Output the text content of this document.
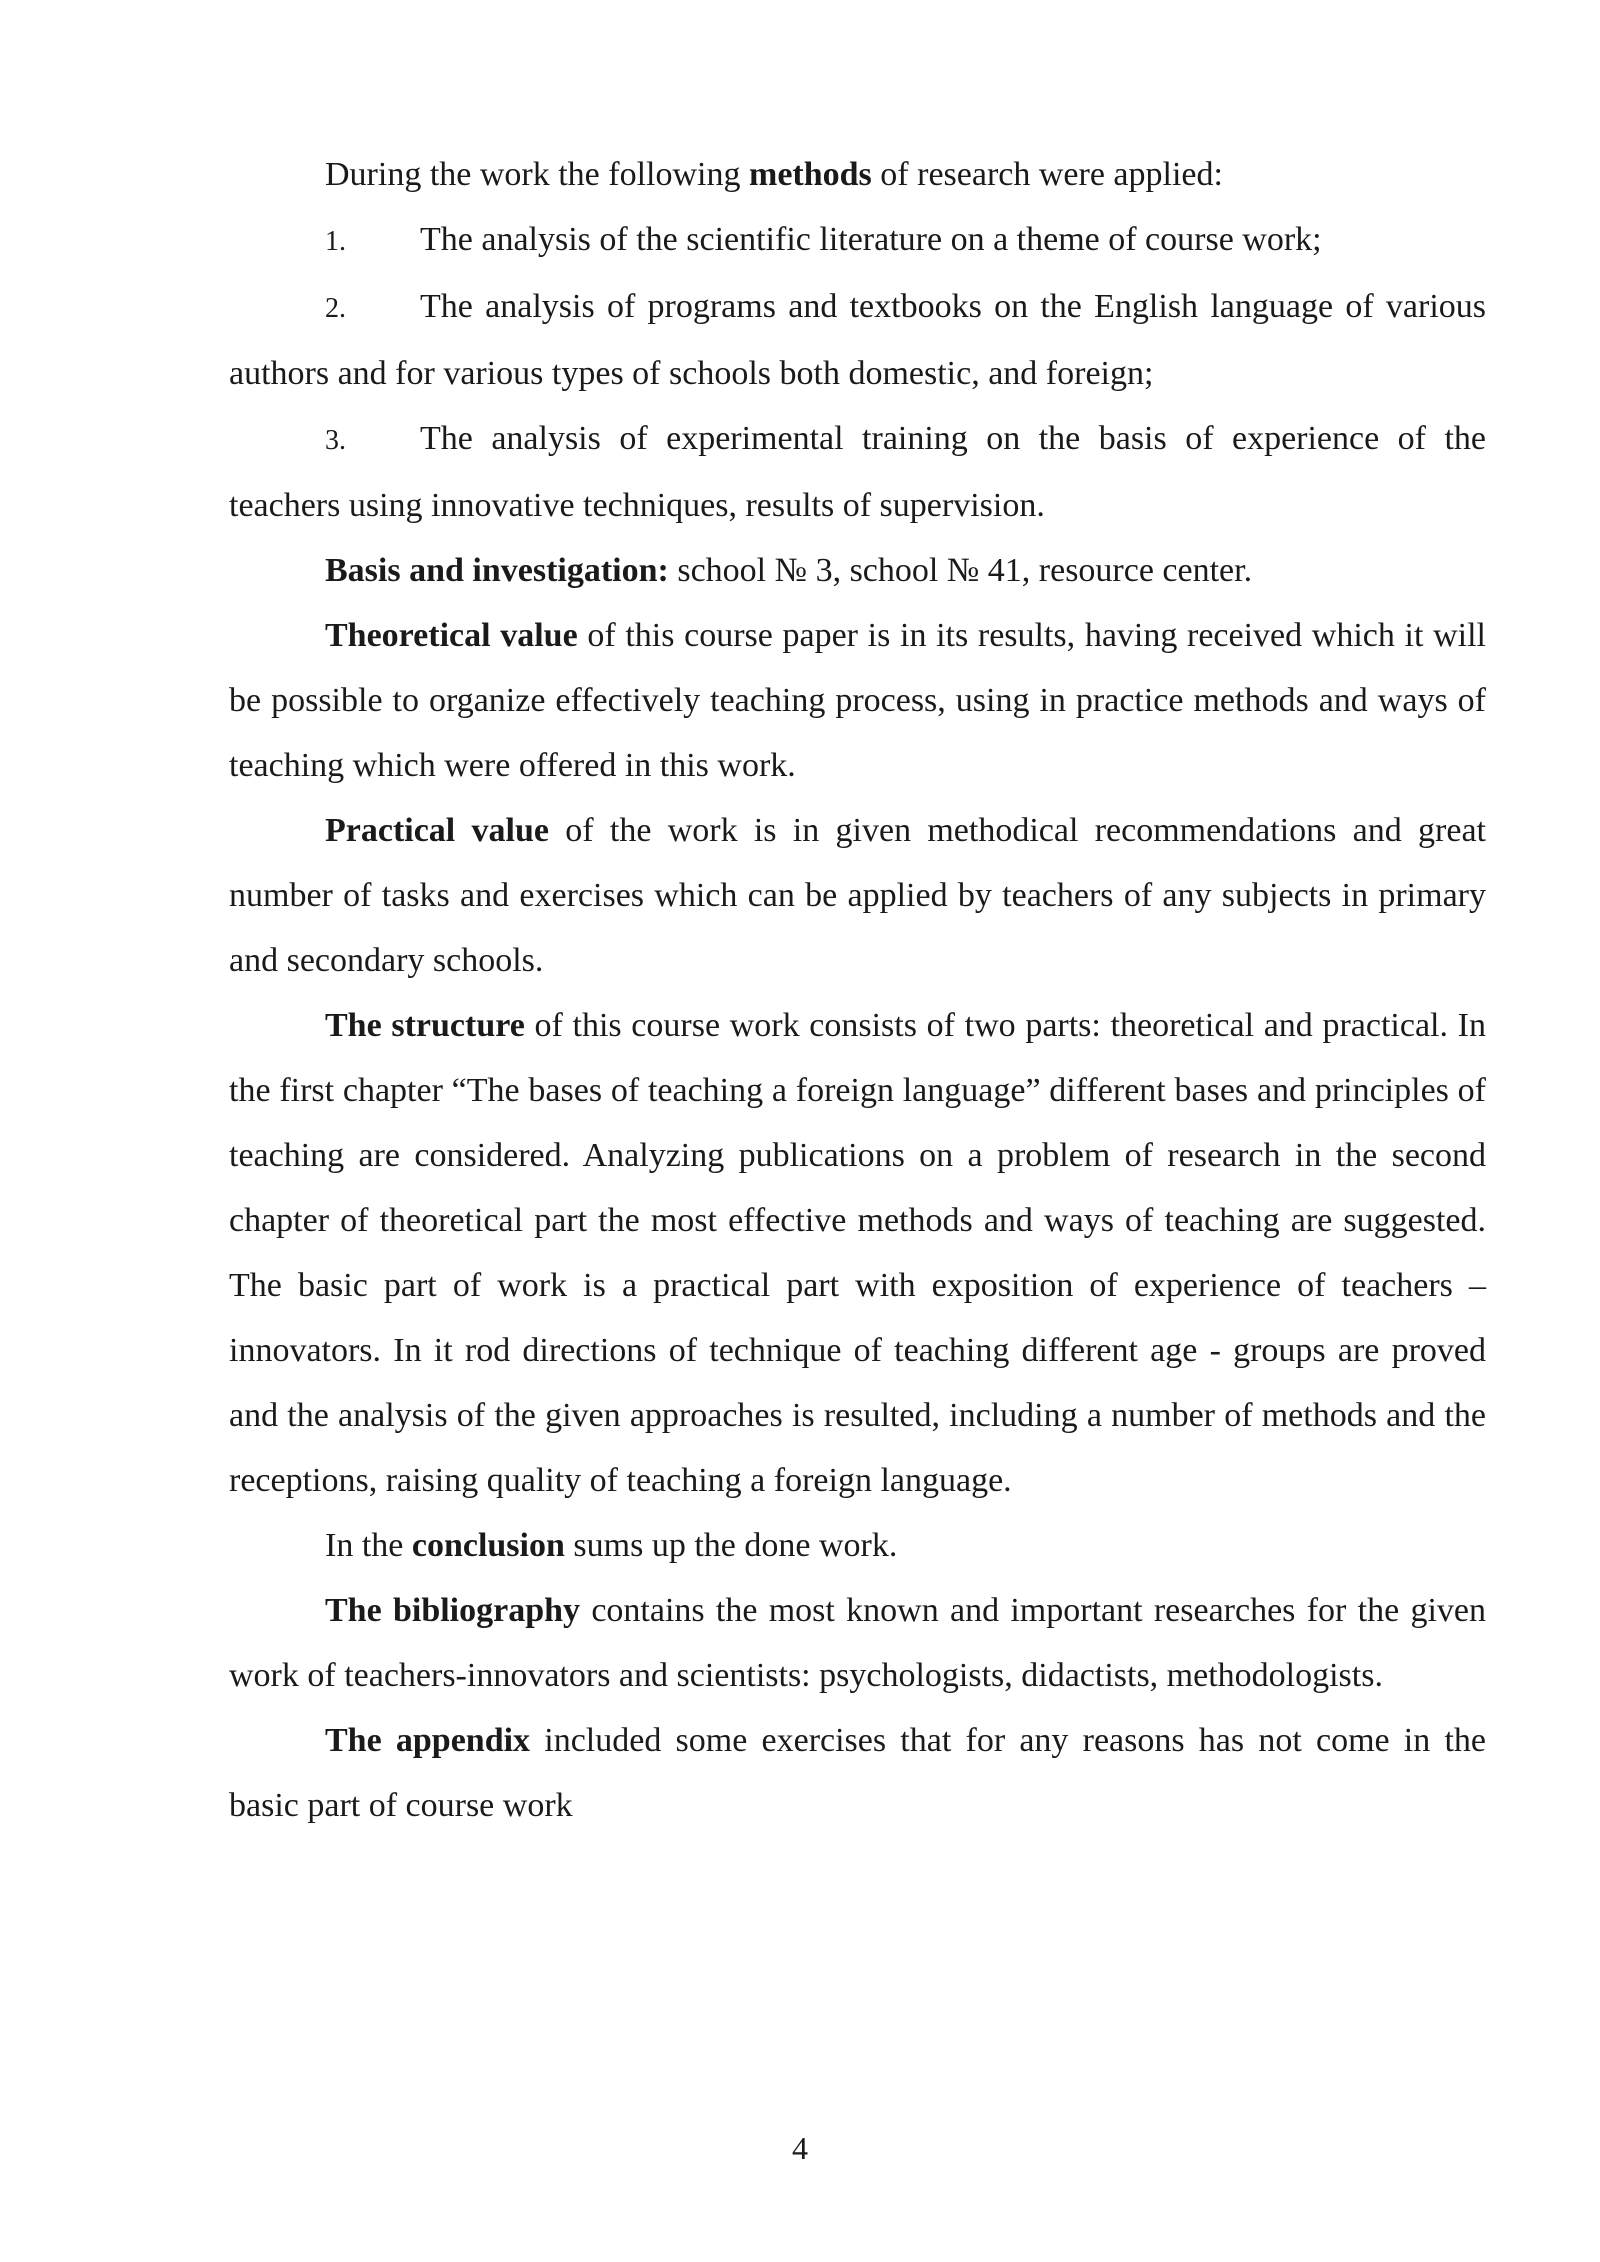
During the work the following methods of research were applied:

1. The analysis of the scientific literature on a theme of course work;

2. The analysis of programs and textbooks on the English language of various authors and for various types of schools both domestic, and foreign;

3. The analysis of experimental training on the basis of experience of the teachers using innovative techniques, results of supervision.

Basis and investigation: school № 3, school № 41, resource center.

Theoretical value of this course paper is in its results, having received which it will be possible to organize effectively teaching process, using in practice methods and ways of teaching which were offered in this work.

Practical value of the work is in given methodical recommendations and great number of tasks and exercises which can be applied by teachers of any subjects in primary and secondary schools.

The structure of this course work consists of two parts: theoretical and practical. In the first chapter “The bases of teaching a foreign language” different bases and principles of teaching are considered. Analyzing publications on a problem of research in the second chapter of theoretical part the most effective methods and ways of teaching are suggested. The basic part of work is a practical part with exposition of experience of teachers – innovators. In it rod directions of technique of teaching different age - groups are proved and the analysis of the given approaches is resulted, including a number of methods and the receptions, raising quality of teaching a foreign language.

In the conclusion sums up the done work.

The bibliography contains the most known and important researches for the given work of teachers-innovators and scientists: psychologists, didactists, methodologists.

The appendix included some exercises that for any reasons has not come in the basic part of course work

4
